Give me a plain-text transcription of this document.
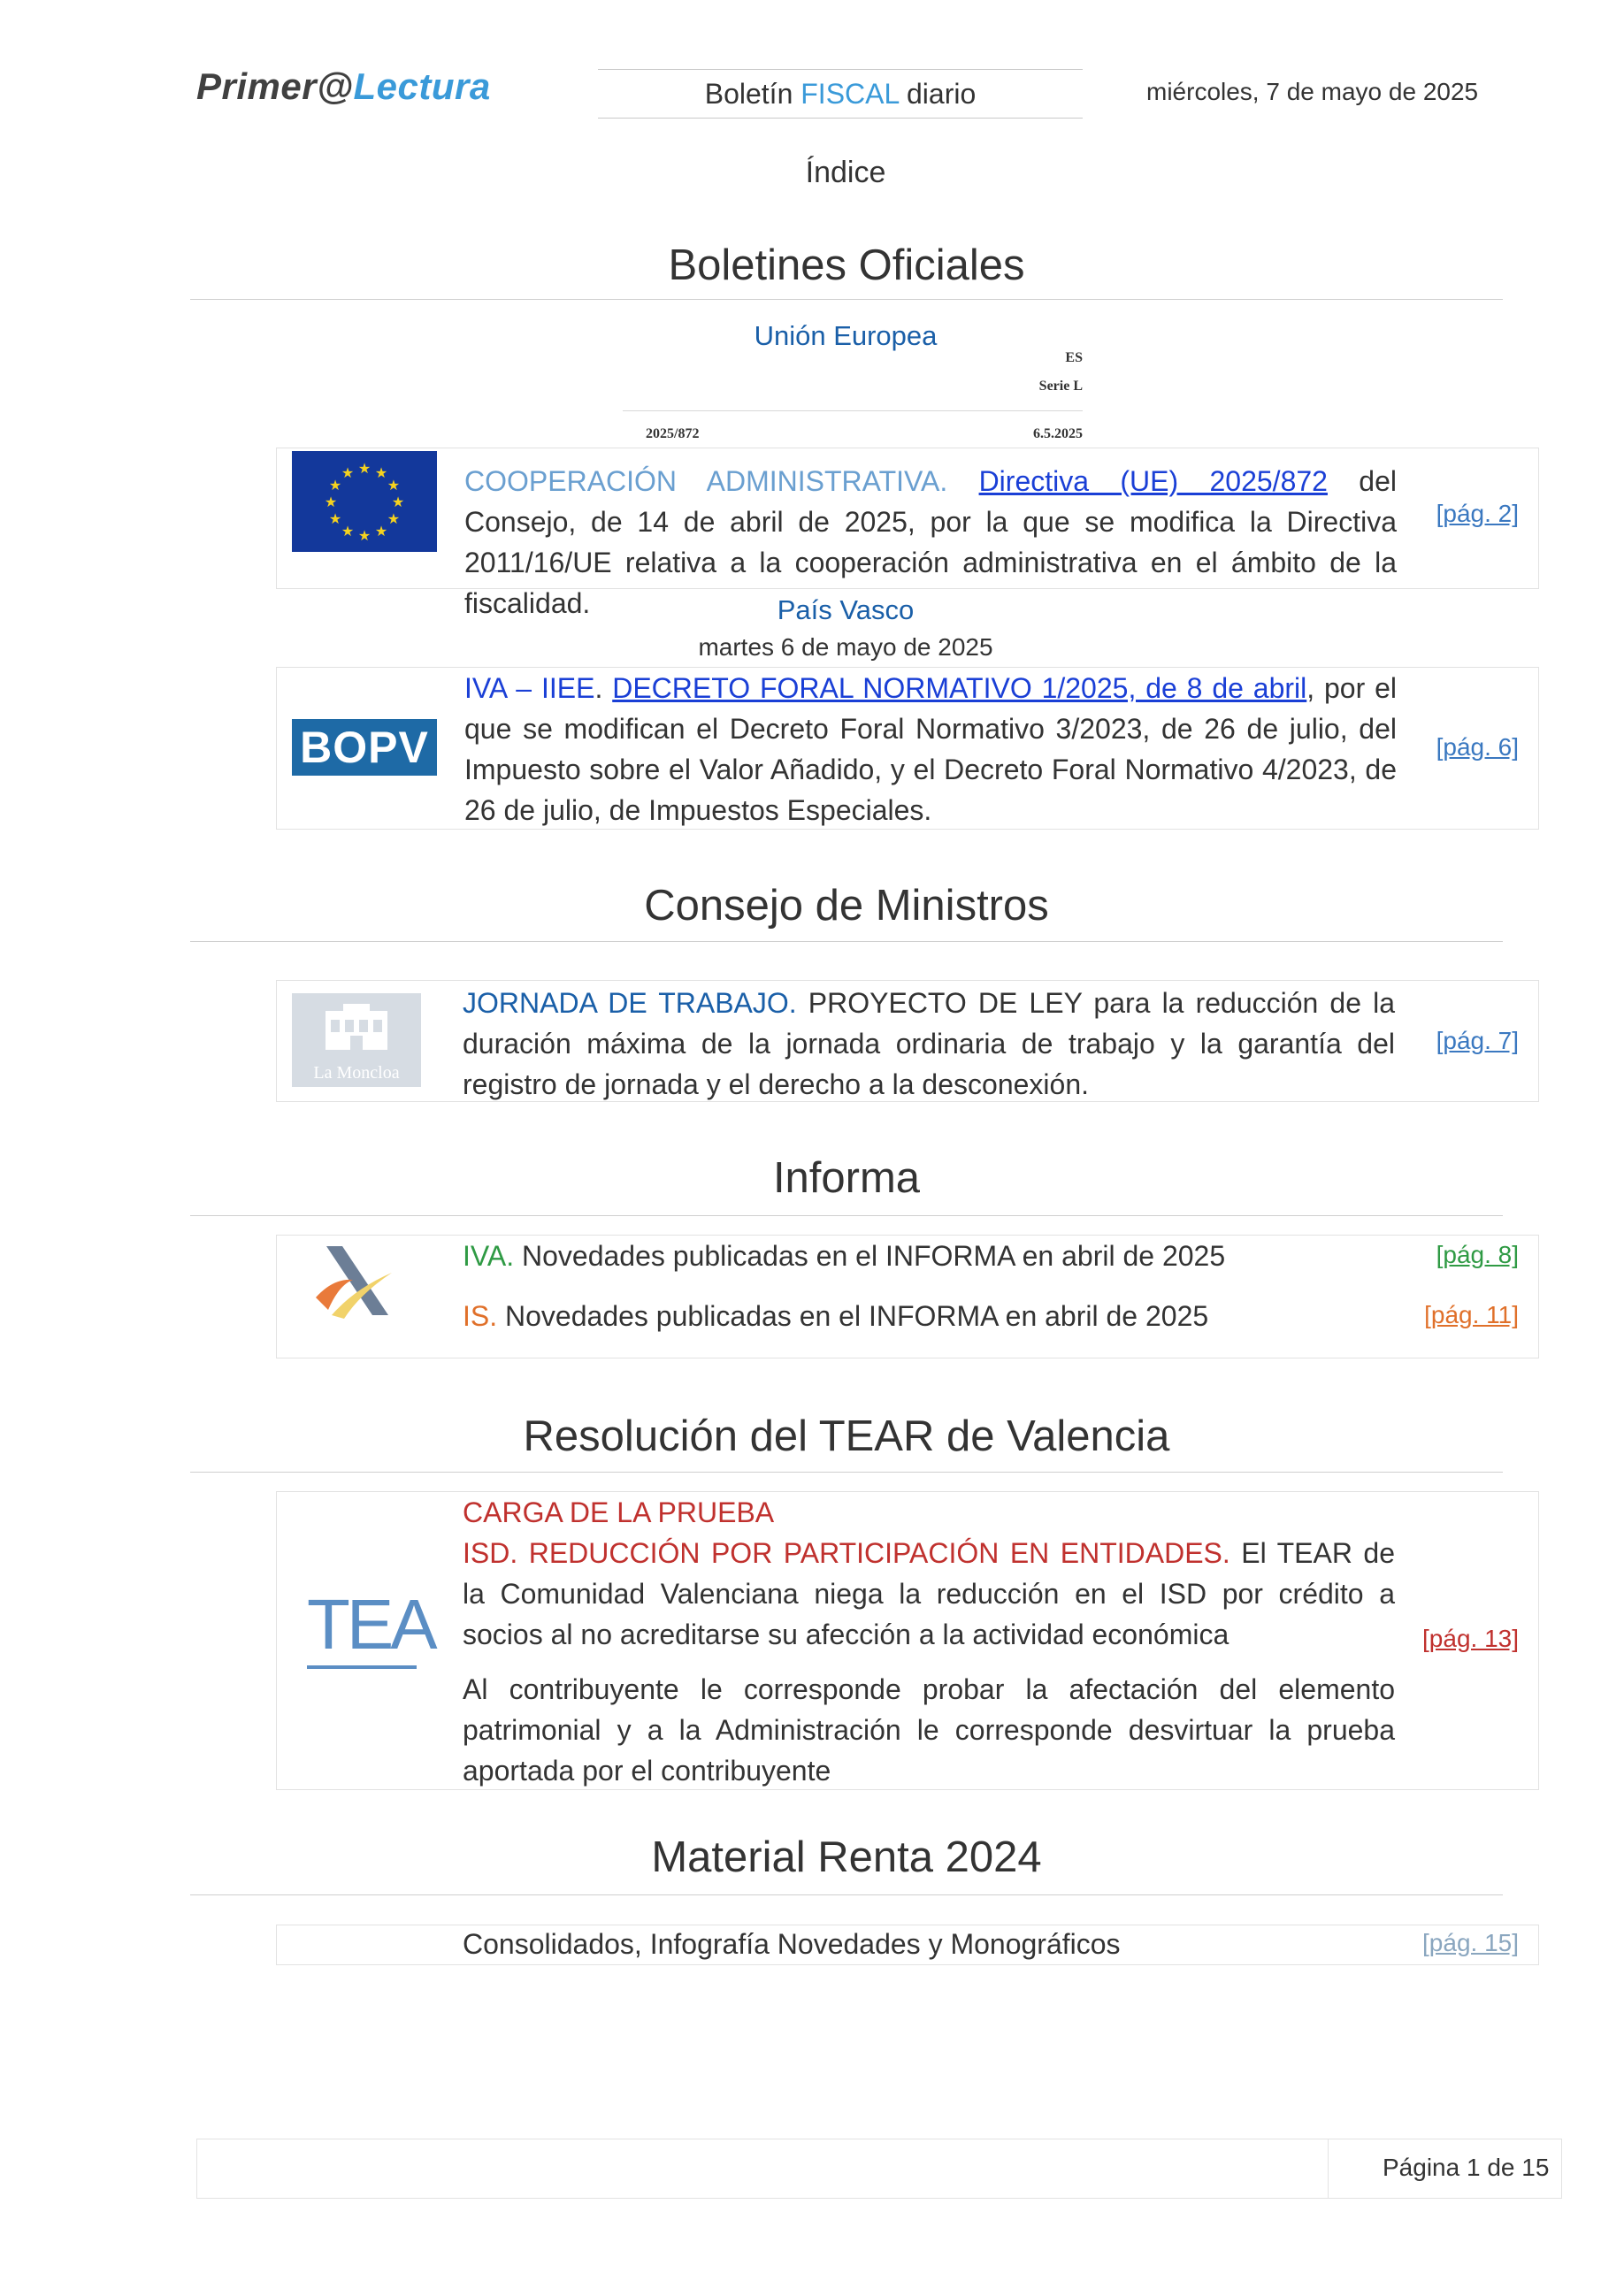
Primer@Lectura	Boletín FISCAL diario	miércoles, 7 de mayo de 2025
Índice
Boletines Oficiales
Unión Europea
ES
Serie L
2025/872	6.5.2025
★ ★
★
★
★
★
★
★
★
★
★
★	COOPERACIÓN ADMINISTRATIVA. Directiva (UE) 2025/872 del Consejo, de 14 de abril de 2025, por la que se modifica la Directiva 2011/16/UE relativa a la cooperación administrativa en el ámbito de la fiscalidad.
[pág. 2]
País Vasco
martes 6 de mayo de 2025
BOPV
IVA – IIEE. DECRETO FORAL NORMATIVO 1/2025, de 8 de abril, por el que se modifican el Decreto Foral Normativo 3/2023, de 26 de julio, del Impuesto sobre el Valor Añadido, y el Decreto Foral Normativo 4/2023, de 26 de julio, de Impuestos Especiales.
[pág. 6]
Consejo de Ministros
La Moncloa
JORNADA DE TRABAJO. PROYECTO DE LEY para la reducción de la duración máxima de la jornada ordinaria de trabajo y la garantía del registro de jornada y el derecho a la desconexión.
[pág. 7]
Informa
IVA. Novedades publicadas en el INFORMA en abril de 2025	[pág. 8]
IS. Novedades publicadas en el INFORMA en abril de 2025	[pág. 11]
Resolución del TEAR de Valencia
TEA
CARGA DE LA PRUEBA
ISD. REDUCCIÓN POR PARTICIPACIÓN EN ENTIDADES. El TEAR de la Comunidad Valenciana niega la reducción en el ISD por crédito a socios al no acreditarse su afección a la actividad económica
Al contribuyente le corresponde probar la afectación del elemento patrimonial y a la Administración le corresponde desvirtuar la prueba aportada por el contribuyente
[pág. 13]
Material Renta 2024
Consolidados, Infografía Novedades y Monográficos	[pág. 15]
Página 1 de 15
